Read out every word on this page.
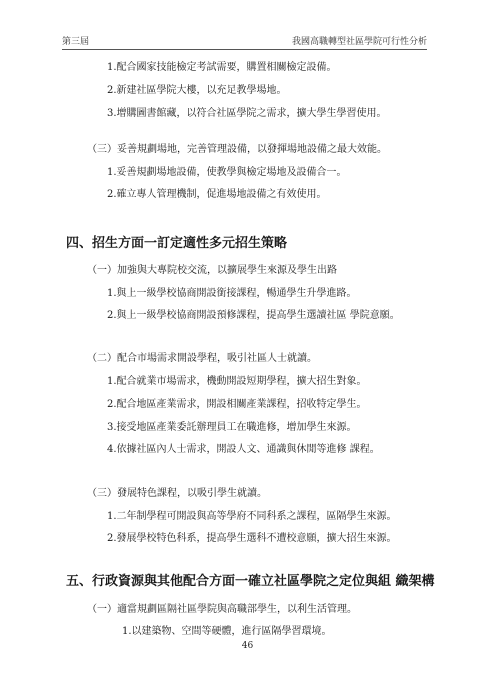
第三屆	我國高職轉型社區學院可行性分析
1.配合國家技能檢定考試需要，購置相關檢定設備。
2.新建社區學院大樓，以充足教學場地。
3.增購圖書館藏，以符合社區學院之需求，擴大學生學習使用。
（三）妥善規劃場地，完善管理設備，以發揮場地設備之最大效能。
1.妥善規劃場地設備，使教學與檢定場地及設備合一。
2.確立專人管理機制，促進場地設備之有效使用。
四、招生方面一訂定適性多元招生策略
（一）加強與大專院校交流，以擴展學生來源及學生出路
1.與上一級學校協商開設銜接課程，暢通學生升學進路。
2.與上一級學校協商開設預修課程，提高學生選讀社區 學院意願。
（二）配合市場需求開設學程，吸引社區人士就讀。
1.配合就業市場需求，機動開設短期學程，擴大招生對象。
2.配合地區產業需求，開設相關產業課程，招收特定學生。
3.接受地區產業委託辦理員工在職進修，增加學生來源。
4.依據社區內人士需求，開設人文、通識與休閒等進修 課程。
（三）發展特色課程，以吸引學生就讀。
1.二年制學程可開設與高等學府不同科系之課程，區隔學生來源。
2.發展學校特色科系，提高學生選科不遭校意願，擴大招生來源。
五、行政資源與其他配合方面一確立社區學院之定位與組 織架構
（一）適當規劃區隔社區學院與高職部學生，以利生活管理。
1.以建築物、空間等硬體，進行區隔學習環境。
46
